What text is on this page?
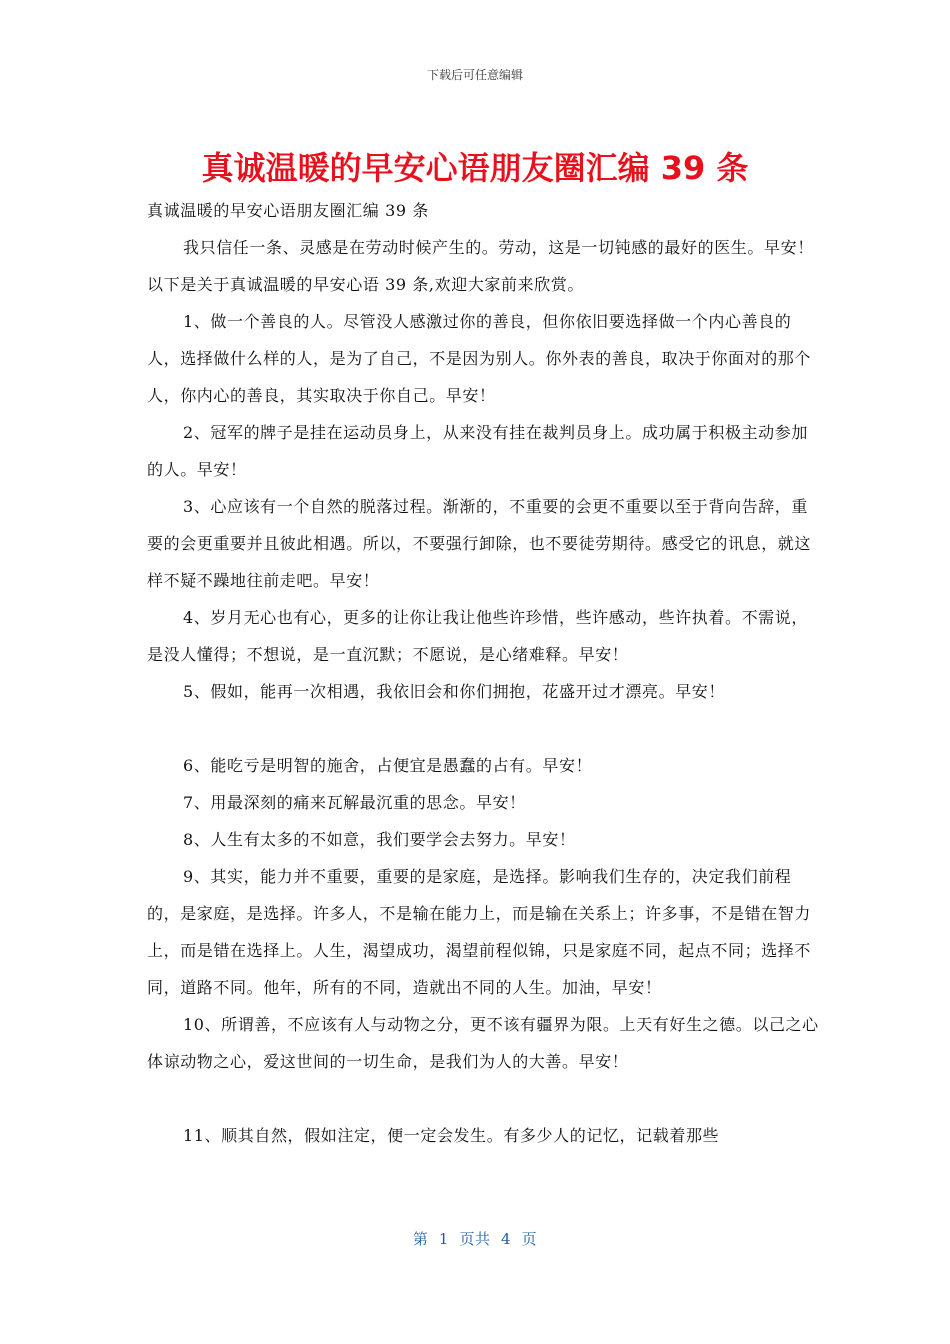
下载后可任意编辑
真诚温暖的早安心语朋友圈汇编 39 条

真诚温暖的早安心语朋友圈汇编 39 条

我只信任一条、灵感是在劳动时候产生的。劳动，这是一切钝感的最好的医生。早安！以下是关于真诚温暖的早安心语 39 条,欢迎大家前来欣赏。

1、做一个善良的人。尽管没人感激过你的善良，但你依旧要选择做一个内心善良的人，选择做什么样的人，是为了自己，不是因为别人。你外表的善良，取决于你面对的那个人，你内心的善良，其实取决于你自己。早安！

2、冠军的牌子是挂在运动员身上，从来没有挂在裁判员身上。成功属于积极主动参加的人。早安！

3、心应该有一个自然的脱落过程。渐渐的，不重要的会更不重要以至于背向告辞，重要的会更重要并且彼此相遇。所以，不要强行卸除，也不要徒劳期待。感受它的讯息，就这样不疑不躁地往前走吧。早安！

4、岁月无心也有心，更多的让你让我让他些许珍惜，些许感动，些许执着。不需说，是没人懂得；不想说，是一直沉默；不愿说，是心绪难释。早安！

5、假如，能再一次相遇，我依旧会和你们拥抱，花盛开过才漂亮。早安！

6、能吃亏是明智的施舍，占便宜是愚蠢的占有。早安！

7、用最深刻的痛来瓦解最沉重的思念。早安！

8、人生有太多的不如意，我们要学会去努力。早安！

9、其实，能力并不重要，重要的是家庭，是选择。影响我们生存的，决定我们前程的，是家庭，是选择。许多人，不是输在能力上，而是输在关系上；许多事，不是错在智力上，而是错在选择上。人生，渴望成功，渴望前程似锦，只是家庭不同，起点不同；选择不同，道路不同。他年，所有的不同，造就出不同的人生。加油，早安！

10、所谓善，不应该有人与动物之分，更不该有疆界为限。上天有好生之德。以己之心体谅动物之心，爱这世间的一切生命，是我们为人的大善。早安！

11、顺其自然，假如注定，便一定会发生。有多少人的记忆，记载着那些

第  1  页共  4  页
